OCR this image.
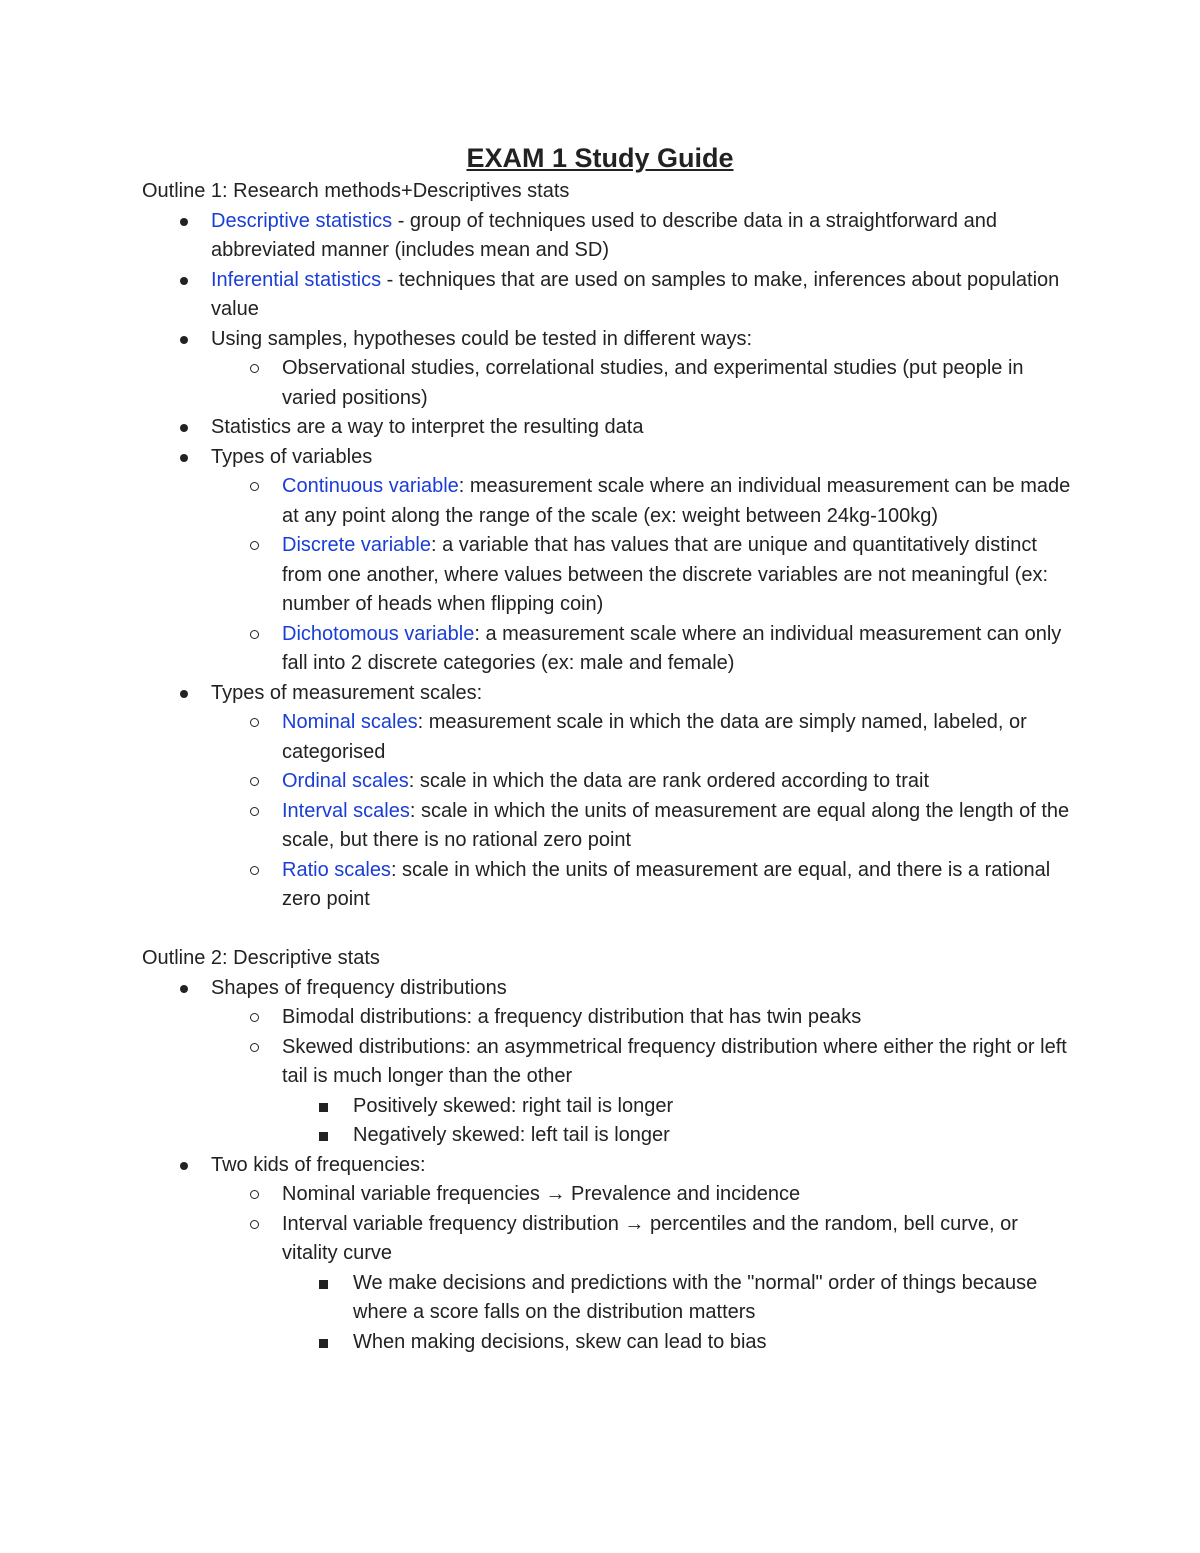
EXAM 1 Study Guide

Outline 1: Research methods+Descriptives stats

Descriptive statistics - group of techniques used to describe data in a straightforward and abbreviated manner (includes mean and SD)
Inferential statistics - techniques that are used on samples to make, inferences about population value
Using samples, hypotheses could be tested in different ways:
Observational studies, correlational studies, and experimental studies (put people in varied positions)
Statistics are a way to interpret the resulting data
Types of variables
Continuous variable: measurement scale where an individual measurement can be made at any point along the range of the scale (ex: weight between 24kg-100kg)
Discrete variable: a variable that has values that are unique and quantitatively distinct from one another, where values between the discrete variables are not meaningful (ex: number of heads when flipping coin)
Dichotomous variable: a measurement scale where an individual measurement can only fall into 2 discrete categories (ex: male and female)
Types of measurement scales:
Nominal scales: measurement scale in which the data are simply named, labeled, or categorised
Ordinal scales: scale in which the data are rank ordered according to trait
Interval scales: scale in which the units of measurement are equal along the length of the scale, but there is no rational zero point
Ratio scales: scale in which the units of measurement are equal, and there is a rational zero point

Outline 2: Descriptive stats

Shapes of frequency distributions
Bimodal distributions: a frequency distribution that has twin peaks
Skewed distributions: an asymmetrical frequency distribution where either the right or left tail is much longer than the other
Positively skewed: right tail is longer
Negatively skewed: left tail is longer
Two kids of frequencies:
Nominal variable frequencies → Prevalence and incidence
Interval variable frequency distribution → percentiles and the random, bell curve, or vitality curve
We make decisions and predictions with the "normal" order of things because where a score falls on the distribution matters
When making decisions, skew can lead to bias
